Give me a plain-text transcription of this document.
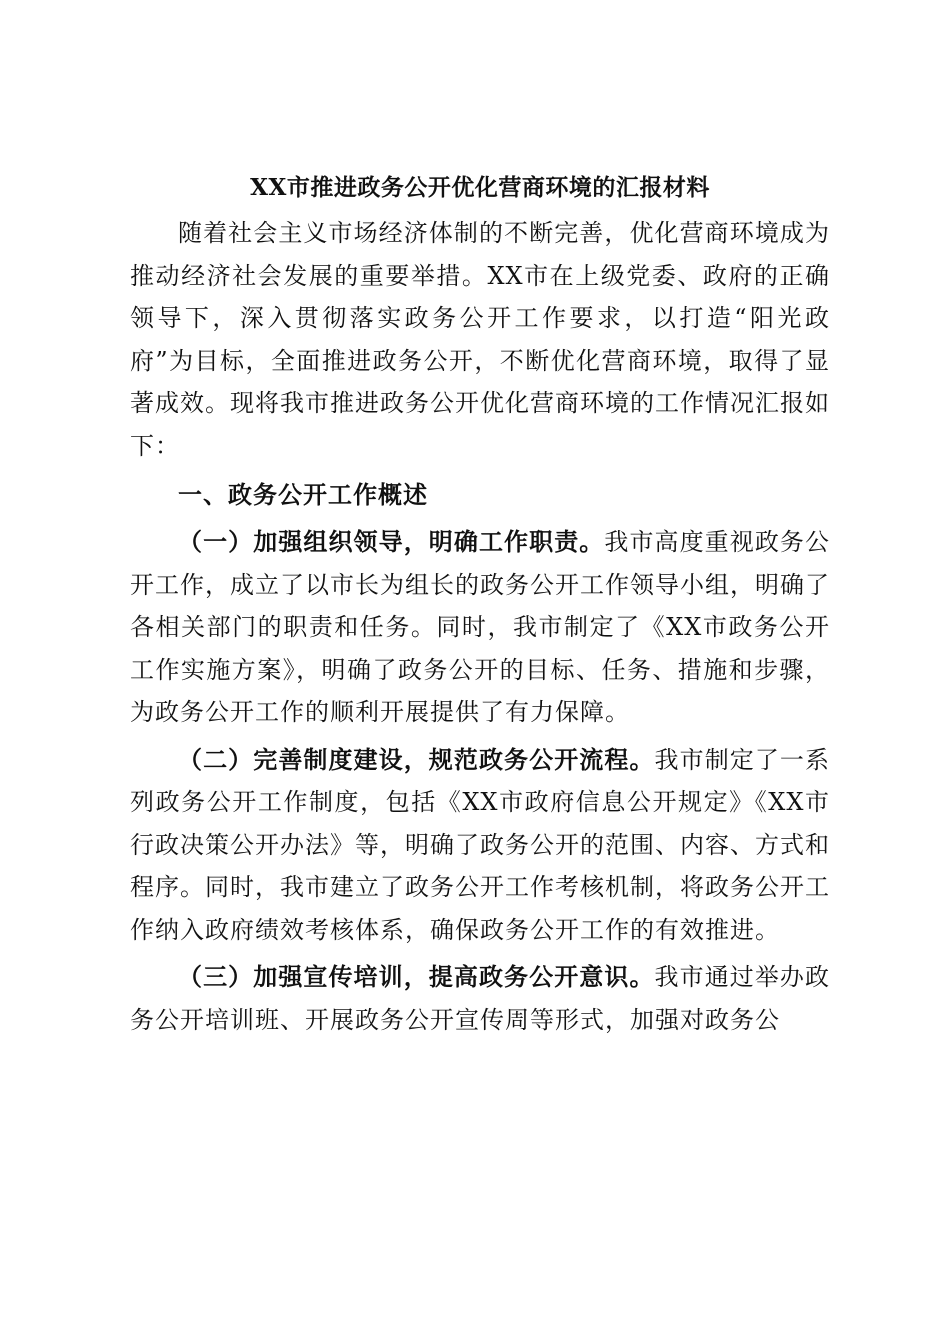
XX市推进政务公开优化营商环境的汇报材料

随着社会主义市场经济体制的不断完善，优化营商环境成为推动经济社会发展的重要举措。XX市在上级党委、政府的正确领导下，深入贯彻落实政务公开工作要求，以打造“阳光政府”为目标，全面推进政务公开，不断优化营商环境，取得了显著成效。现将我市推进政务公开优化营商环境的工作情况汇报如下：

一、政务公开工作概述

（一）加强组织领导，明确工作职责。我市高度重视政务公开工作，成立了以市长为组长的政务公开工作领导小组，明确了各相关部门的职责和任务。同时，我市制定了《XX市政务公开工作实施方案》，明确了政务公开的目标、任务、措施和步骤，为政务公开工作的顺利开展提供了有力保障。

（二）完善制度建设，规范政务公开流程。我市制定了一系列政务公开工作制度，包括《XX市政府信息公开规定》《XX市行政决策公开办法》等，明确了政务公开的范围、内容、方式和程序。同时，我市建立了政务公开工作考核机制，将政务公开工作纳入政府绩效考核体系，确保政务公开工作的有效推进。

（三）加强宣传培训，提高政务公开意识。我市通过举办政务公开培训班、开展政务公开宣传周等形式，加强对政务公
